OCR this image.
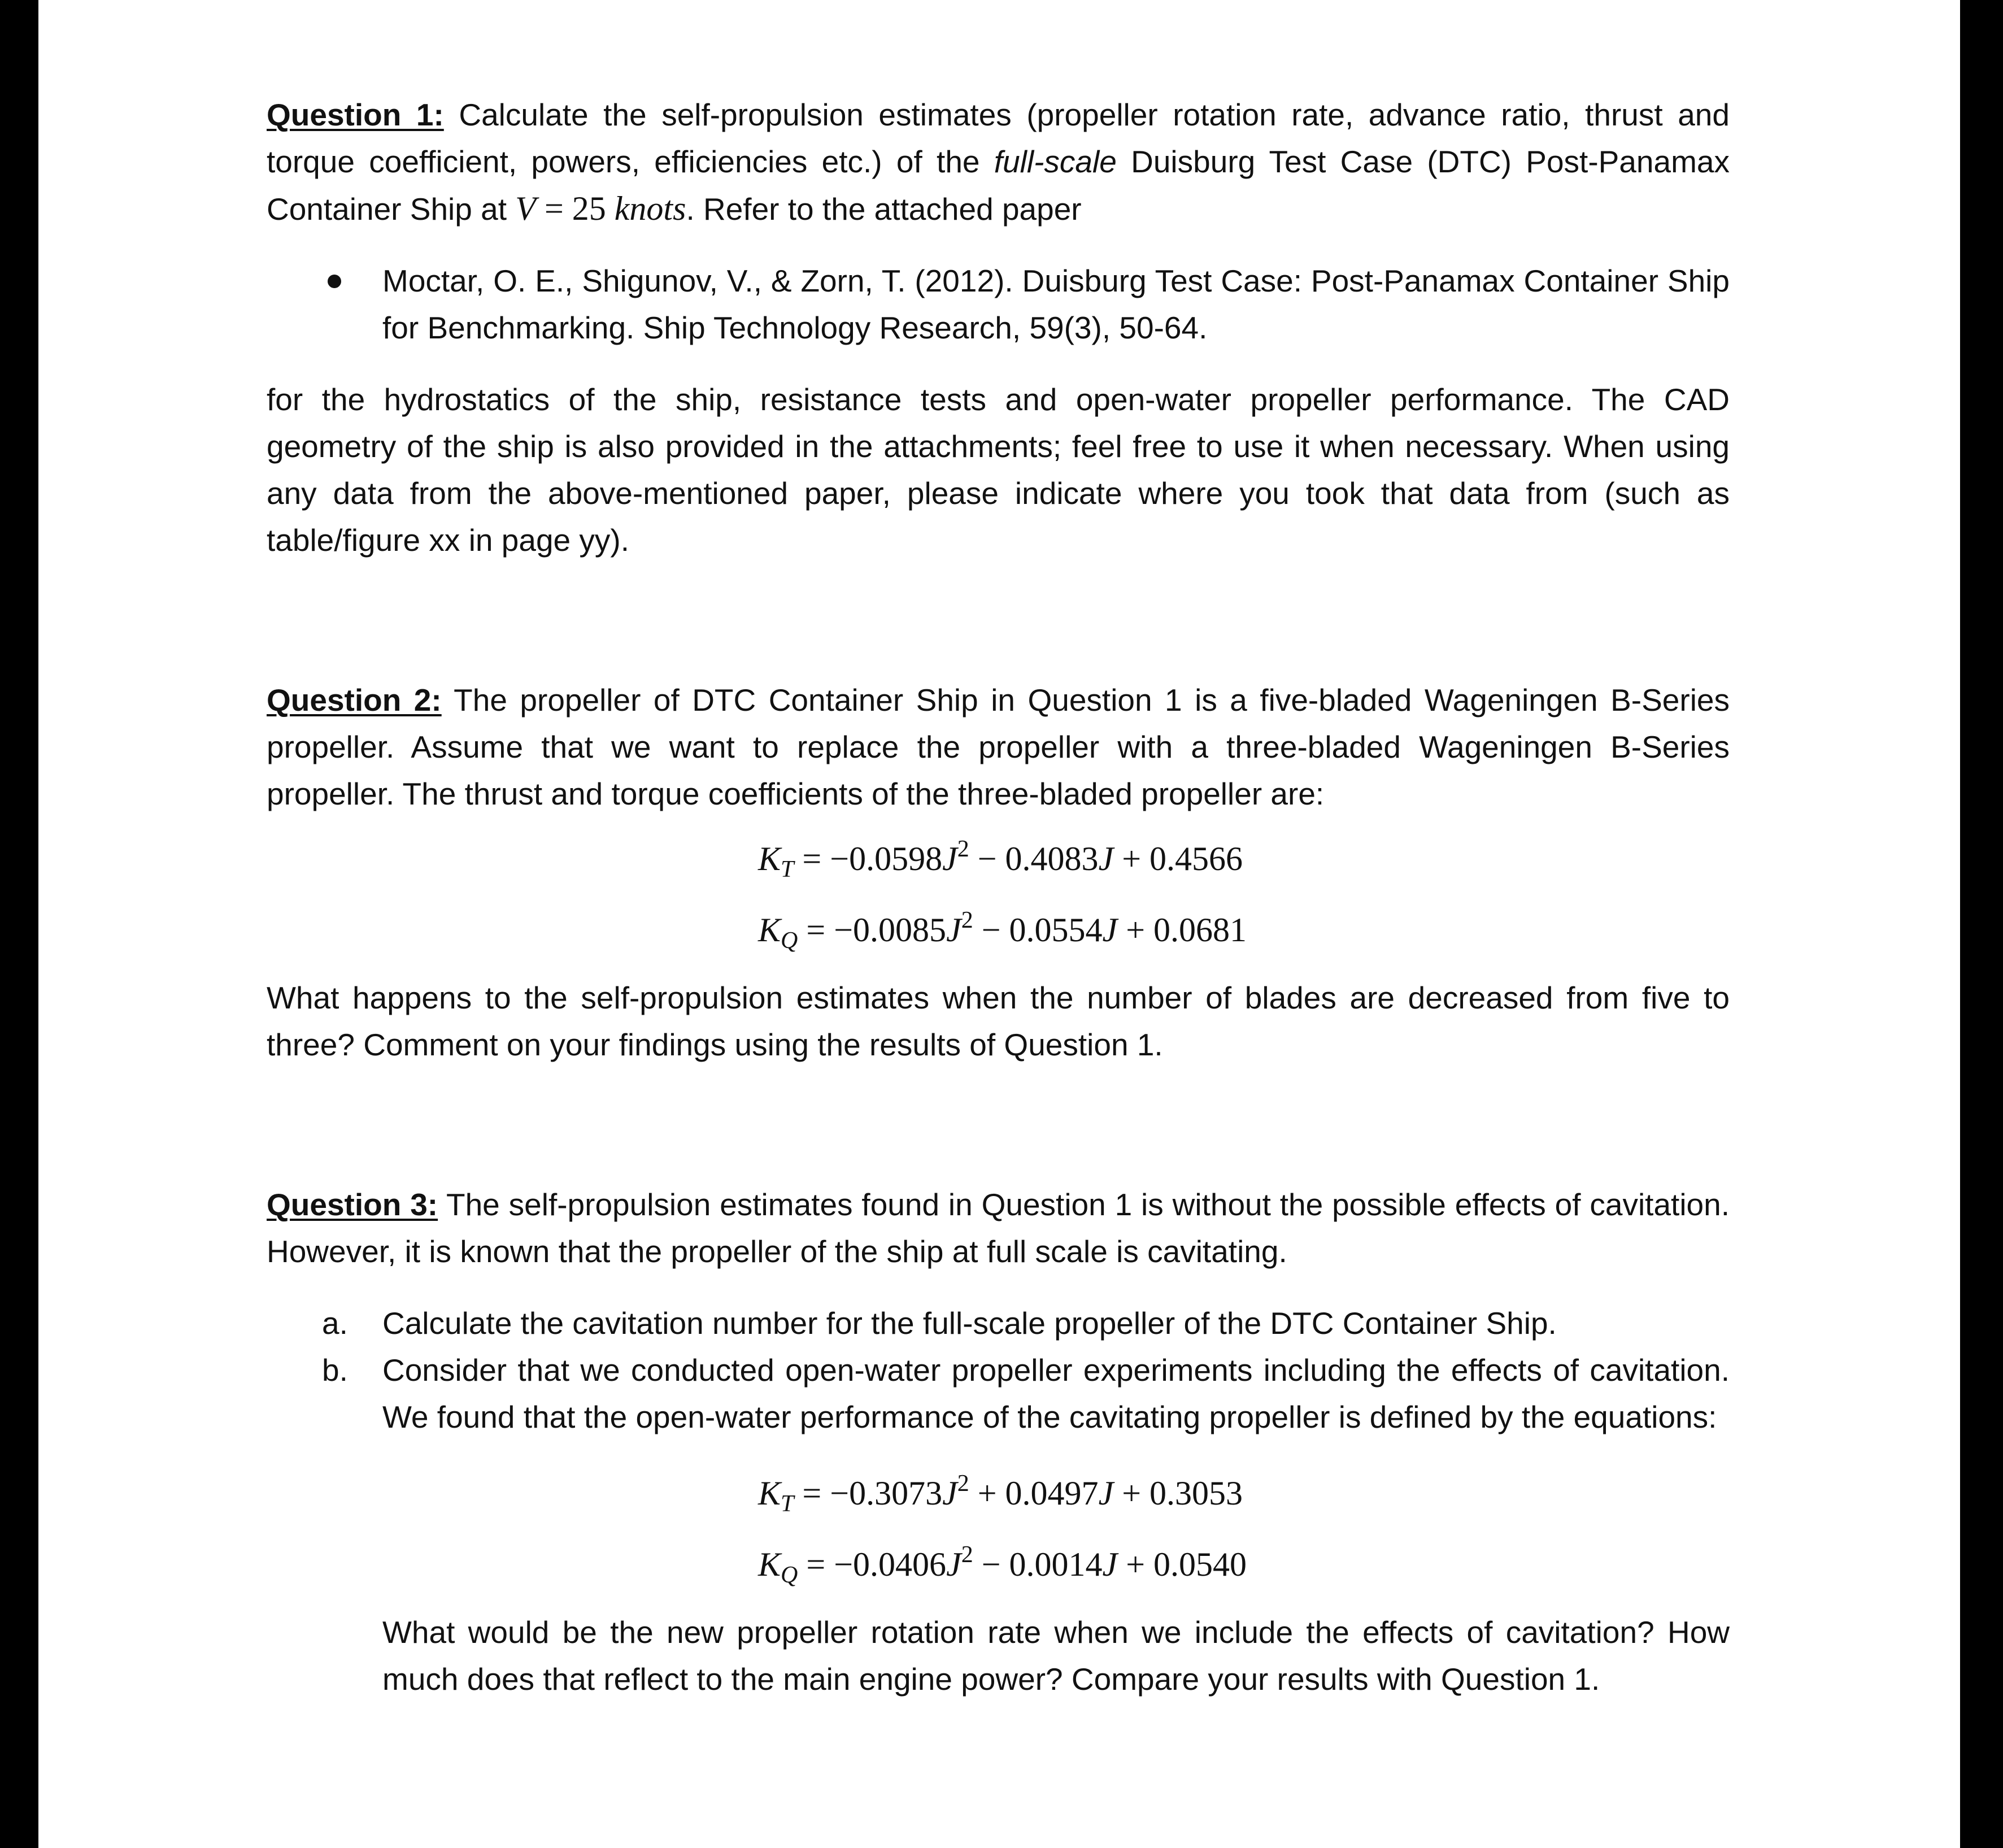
Question 1: Calculate the self-propulsion estimates (propeller rotation rate, advance ratio, thrust and torque coefficient, powers, efficiencies etc.) of the full-scale Duisburg Test Case (DTC) Post-Panamax Container Ship at V = 25 knots. Refer to the attached paper

Moctar, O. E., Shigunov, V., & Zorn, T. (2012). Duisburg Test Case: Post-Panamax Container Ship for Benchmarking. Ship Technology Research, 59(3), 50-64.

for the hydrostatics of the ship, resistance tests and open-water propeller performance. The CAD geometry of the ship is also provided in the attachments; feel free to use it when necessary. When using any data from the above-mentioned paper, please indicate where you took that data from (such as table/figure xx in page yy).

Question 2: The propeller of DTC Container Ship in Question 1 is a five-bladed Wageningen B-Series propeller. Assume that we want to replace the propeller with a three-bladed Wageningen B-Series propeller. The thrust and torque coefficients of the three-bladed propeller are:

$K_T = -0.0598J^2 - 0.4083J + 0.4566$
$K_Q = -0.0085J^2 - 0.0554J + 0.0681$

What happens to the self-propulsion estimates when the number of blades are decreased from five to three? Comment on your findings using the results of Question 1.

Question 3: The self-propulsion estimates found in Question 1 is without the possible effects of cavitation. However, it is known that the propeller of the ship at full scale is cavitating.

a. Calculate the cavitation number for the full-scale propeller of the DTC Container Ship.
b. Consider that we conducted open-water propeller experiments including the effects of cavitation. We found that the open-water performance of the cavitating propeller is defined by the equations:
$K_T = -0.3073J^2 + 0.0497J + 0.3053$
$K_Q = -0.0406J^2 - 0.0014J + 0.0540$

What would be the new propeller rotation rate when we include the effects of cavitation? How much does that reflect to the main engine power? Compare your results with Question 1.
